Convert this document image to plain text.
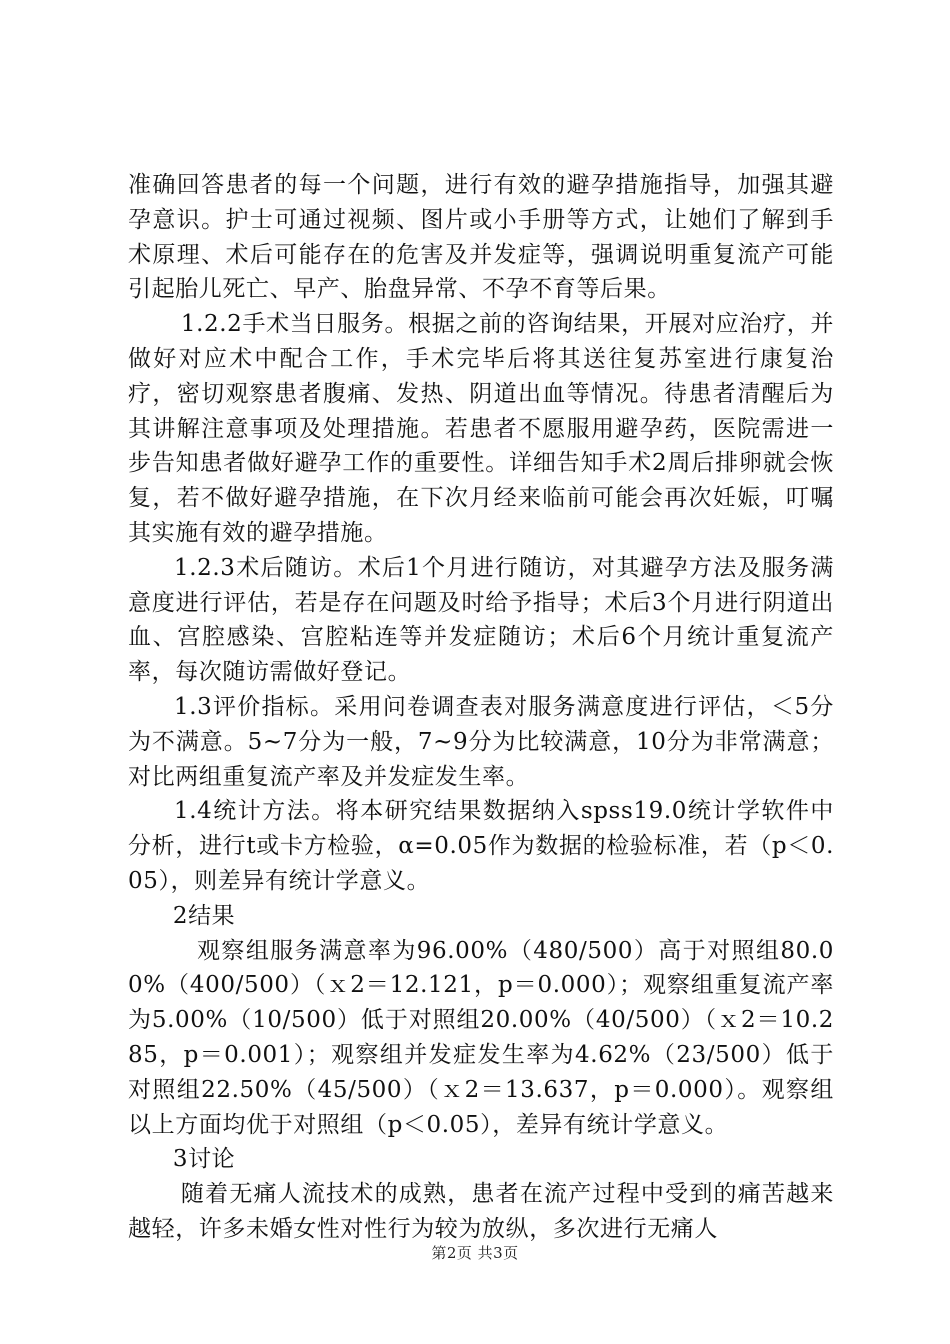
准确回答患者的每一个问题，进行有效的避孕措施指导，加强其避孕意识。护士可通过视频、图片或小手册等方式，让她们了解到手术原理、术后可能存在的危害及并发症等，强调说明重复流产可能引起胎儿死亡、早产、胎盘异常、不孕不育等后果。

1.2.2手术当日服务。根据之前的咨询结果，开展对应治疗，并做好对应术中配合工作，手术完毕后将其送往复苏室进行康复治疗，密切观察患者腹痛、发热、阴道出血等情况。待患者清醒后为其讲解注意事项及处理措施。若患者不愿服用避孕药，医院需进一步告知患者做好避孕工作的重要性。详细告知手术2周后排卵就会恢复，若不做好避孕措施，在下次月经来临前可能会再次妊娠，叮嘱其实施有效的避孕措施。

1.2.3术后随访。术后1个月进行随访，对其避孕方法及服务满意度进行评估，若是存在问题及时给予指导；术后3个月进行阴道出血、宫腔感染、宫腔粘连等并发症随访；术后6个月统计重复流产率，每次随访需做好登记。

1.3评价指标。采用问卷调查表对服务满意度进行评估，＜5分为不满意。5~7分为一般，7~9分为比较满意，10分为非常满意；对比两组重复流产率及并发症发生率。

1.4统计方法。将本研究结果数据纳入spss19.0统计学软件中分析，进行t或卡方检验，α=0.05作为数据的检验标准，若（p＜0.05），则差异有统计学意义。

2结果

观察组服务满意率为96.00%（480/500）高于对照组80.00%（400/500）（ｘ2＝12.121，p＝0.000）；观察组重复流产率为5.00%（10/500）低于对照组20.00%（40/500）（ｘ2＝10.285，p＝0.001）；观察组并发症发生率为4.62%（23/500）低于对照组22.50%（45/500）（ｘ2＝13.637，p＝0.000）。观察组以上方面均优于对照组（p＜0.05），差异有统计学意义。

3讨论

随着无痛人流技术的成熟，患者在流产过程中受到的痛苦越来越轻，许多未婚女性对性行为较为放纵，多次进行无痛人

第2页 共3页
